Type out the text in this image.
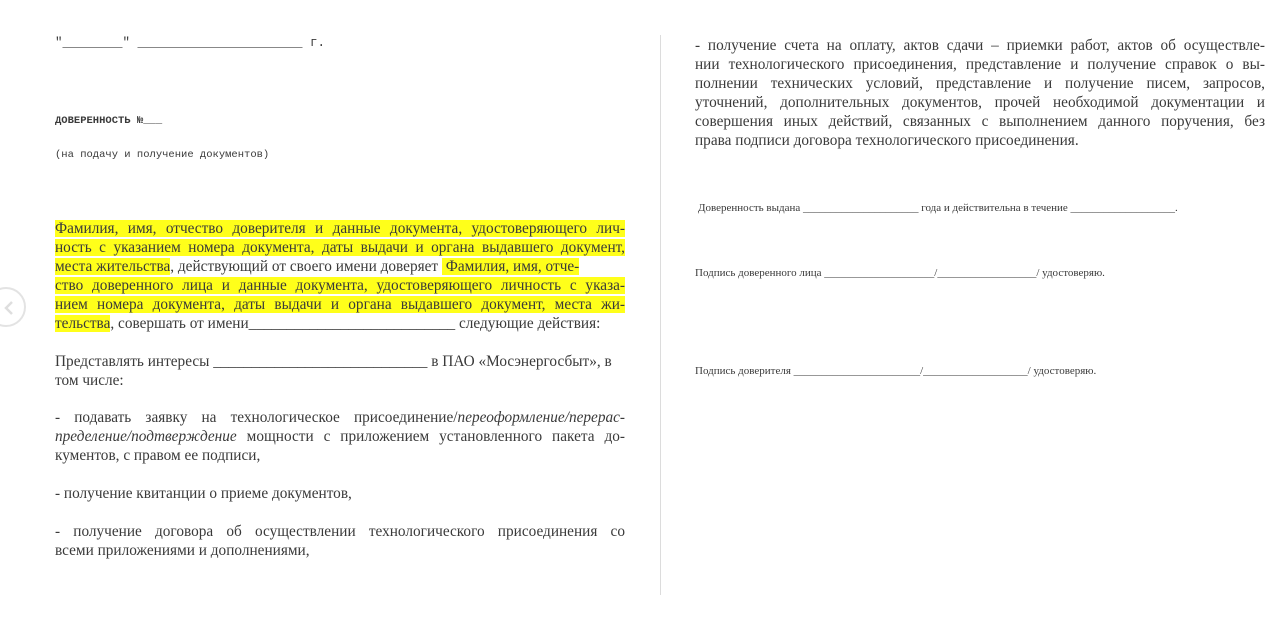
"________" ______________________ г.
ДОВЕРЕННОСТЬ №___
(на подачу и получение документов)
Фамилия, имя, отчество доверителя и данные документа, удостоверяющего лич-
ность с указанием номера документа, даты выдачи и органа выдавшего документ,
места жительства, действующий от своего имени доверяет  Фамилия, имя, отче-
ство доверенного лица и данные документа, удостоверяющего личность с указа-
нием номера документа, даты выдачи и органа выдавшего документ, места жи-
тельства, совершать от имени___________________________ следующие действия:
Представлять интересы ____________________________ в ПАО «Мосэнергосбыт», в
том числе:
- подавать заявку на технологическое присоединение/переоформление/перерас-
пределение/подтверждение мощности с приложением установленного пакета до-
кументов, с правом ее подписи,
- получение квитанции о приеме документов,
- получение договора об осуществлении технологического присоединения со
всеми приложениями и дополнениями,
- получение счета на оплату, актов сдачи – приемки работ, актов об осуществле-
нии технологического присоединения, представление и получение справок о вы-
полнении технических условий, представление и получение писем, запросов,
уточнений, дополнительных документов, прочей необходимой документации и
совершения иных действий, связанных с выполнением данного поручения, без
права подписи договора технологического присоединения.
Доверенность выдана _____________________ года и действительна в течение ___________________.
Подпись доверенного лица ____________________/__________________/ удостоверяю.
Подпись доверителя _______________________/___________________/ удостоверяю.
